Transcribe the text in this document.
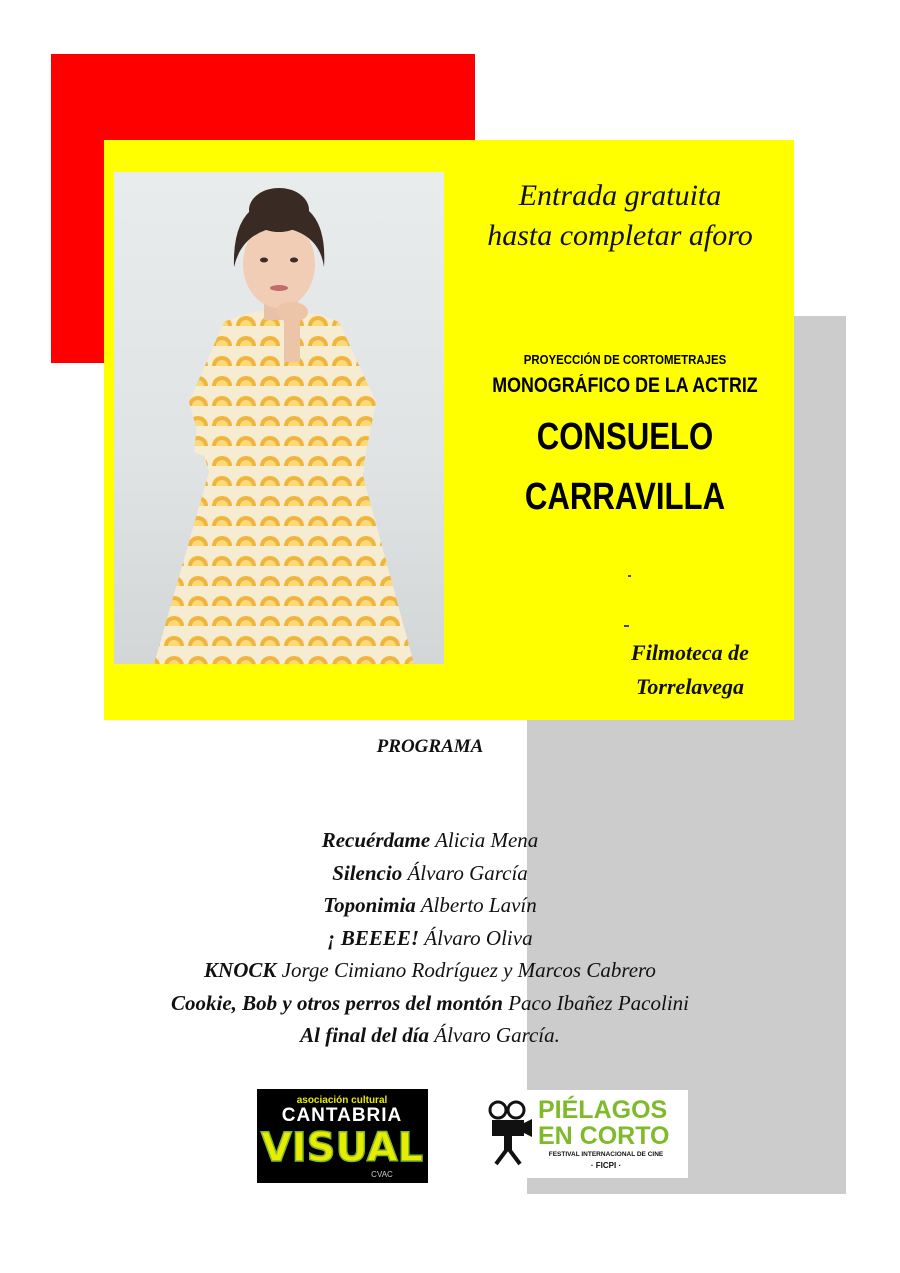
Entrada gratuita
hasta completar aforo
PROYECCIÓN DE CORTOMETRAJES
MONOGRÁFICO DE LA ACTRIZ
CONSUELO
CARRAVILLA
Filmoteca de
Torrelavega
PROGRAMA
Recuérdame Alicia Mena
Silencio Álvaro García
Toponimia Alberto Lavín
¡ BEEEE! Álvaro Oliva
KNOCK Jorge Cimiano Rodríguez y Marcos Cabrero
Cookie, Bob y otros perros del montón Paco Ibañez Pacolini
Al final del día Álvaro García.
asociación cultural
CANTABRIA
VISUAL
CVAC
PIÉLAGOS
EN CORTO
FESTIVAL INTERNACIONAL DE CINE
· FICPI ·
